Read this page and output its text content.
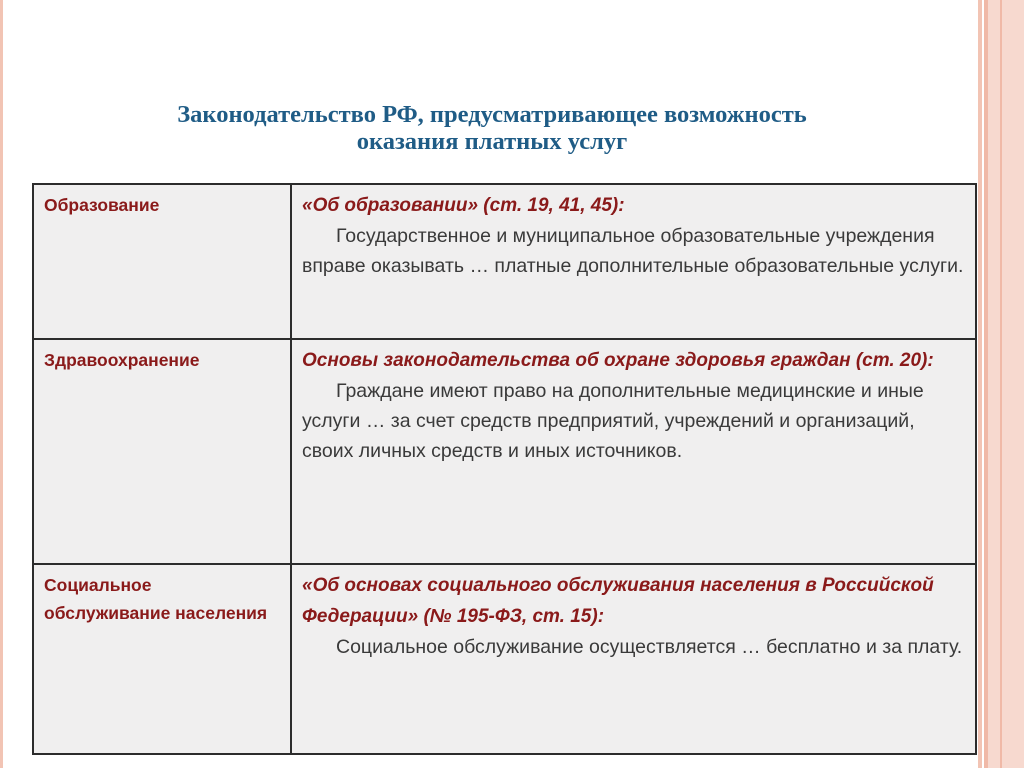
Законодательство РФ, предусматривающее возможность
оказания платных услуг
Образование	«Об образовании» (ст. 19, 41, 45):
Государственное и муниципальное образовательные учреждения вправе оказывать … платные дополнительные образовательные услуги.
Здравоохранение	Основы законодательства об охране здоровья граждан (ст. 20):
Граждане имеют право на дополнительные медицинские и иные услуги … за счет средств предприятий, учреждений и организаций, своих личных средств и иных источников.
Социальное обслуживание населения	«Об основах социального обслуживания населения в Российской Федерации» (№ 195-ФЗ, ст. 15):
Социальное обслуживание осуществляется … бесплатно и за плату.
